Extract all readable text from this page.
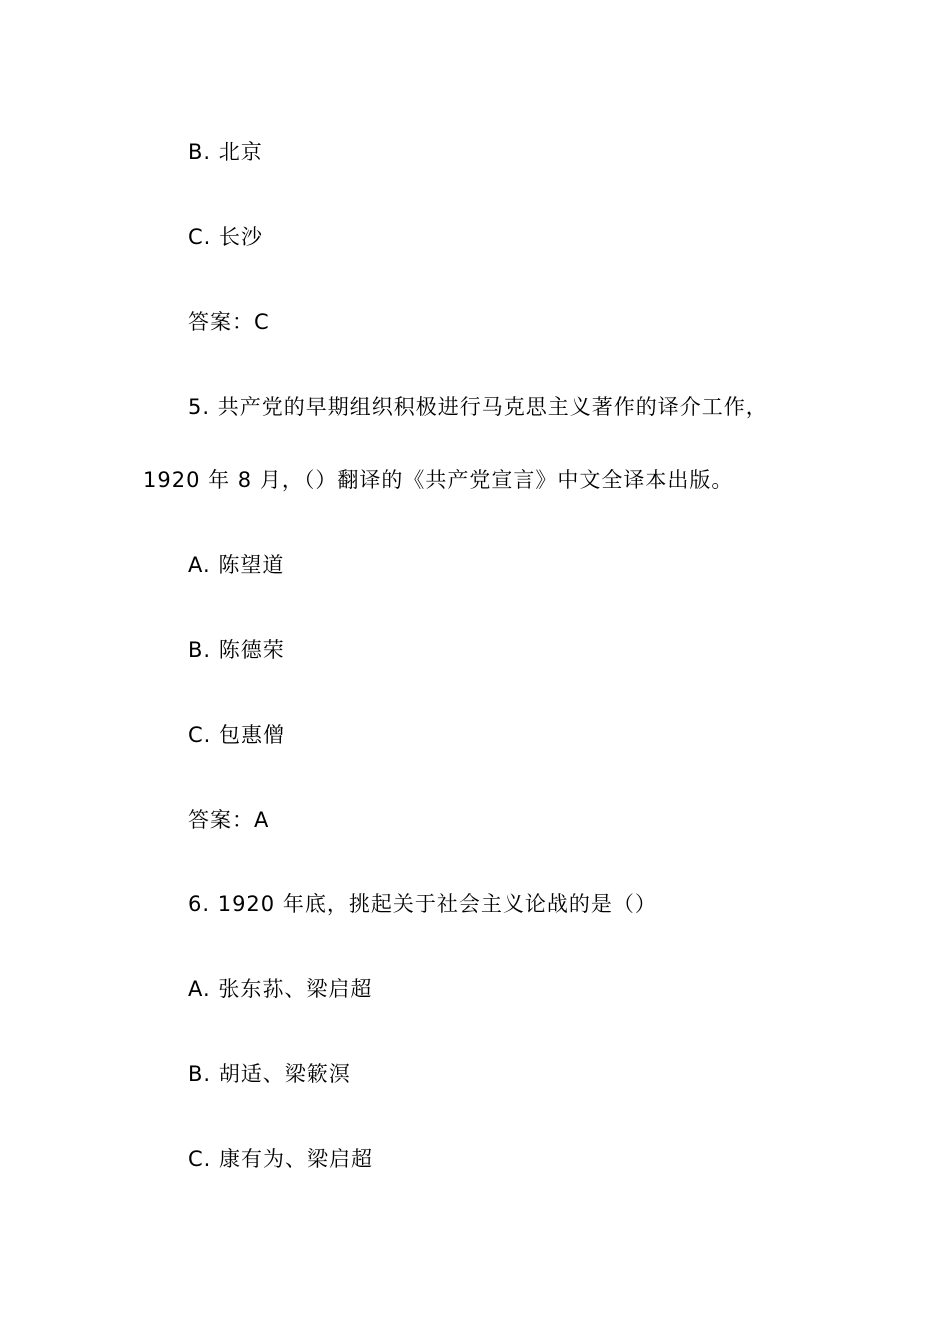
B. 北京
C. 长沙
答案：C
5. 共产党的早期组织积极进行马克思主义著作的译介工作，
1920 年 8 月，（）翻译的《共产党宣言》中文全译本出版。
A. 陈望道
B. 陈德荣
C. 包惠僧
答案：A
6. 1920 年底，挑起关于社会主义论战的是（）
A. 张东荪、梁启超
B. 胡适、梁簌溟
C. 康有为、梁启超
